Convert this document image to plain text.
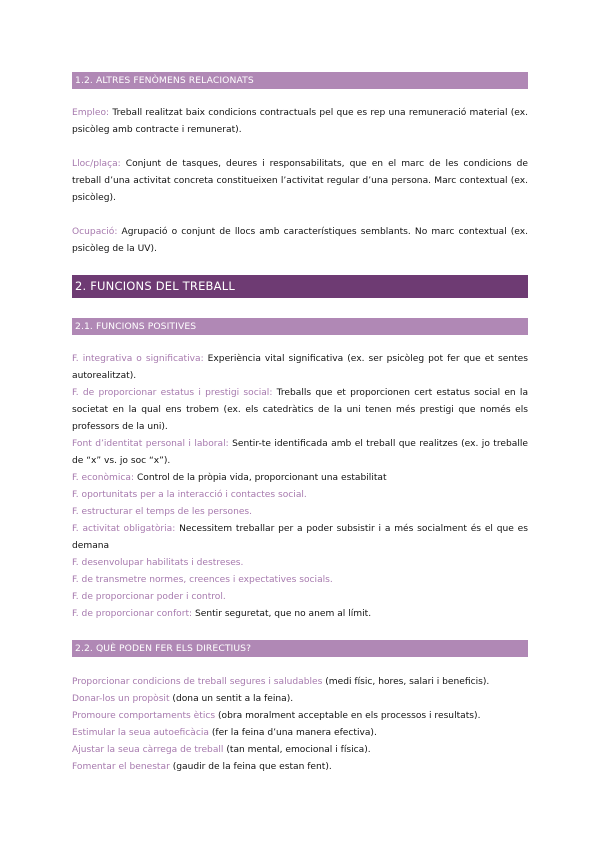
1.2. ALTRES FENÒMENS RELACIONATS

Empleo: Treball realitzat baix condicions contractuals pel que es rep una remuneració material (ex. psicòleg amb contracte i remunerat).

Lloc/plaça: Conjunt de tasques, deures i responsabilitats, que en el marc de les condicions de treball d’una activitat concreta constitueixen l’activitat regular d’una persona. Marc contextual (ex. psicòleg).

Ocupació: Agrupació o conjunt de llocs amb característiques semblants. No marc contextual (ex. psicòleg de la UV).

2. FUNCIONS DEL TREBALL
2.1. FUNCIONS POSITIVES

F. integrativa o significativa: Experiència vital significativa (ex. ser psicòleg pot fer que et sentes autorealitzat).

F. de proporcionar estatus i prestigi social: Treballs que et proporcionen cert estatus social en la societat en la qual ens trobem (ex. els catedràtics de la uni tenen més prestigi que només els professors de la uni).

Font d’identitat personal i laboral: Sentir-te identificada amb el treball que realitzes (ex. jo treballe de “x” vs. jo soc “x”).

F. econòmica: Control de la pròpia vida, proporcionant una estabilitat

F. oportunitats per a la interacció i contactes social.

F. estructurar el temps de les persones.

F. activitat obligatòria: Necessitem treballar per a poder subsistir i a més socialment és el que es demana

F. desenvolupar habilitats i destreses.

F. de transmetre normes, creences i expectatives socials.

F. de proporcionar poder i control.

F. de proporcionar confort: Sentir seguretat, que no anem al límit.

2.2. QUÈ PODEN FER ELS DIRECTIUS?

Proporcionar condicions de treball segures i saludables (medi físic, hores, salari i beneficis).

Donar-los un propòsit (dona un sentit a la feina).

Promoure comportaments ètics (obra moralment acceptable en els processos i resultats).

Estimular la seua autoeficàcia (fer la feina d’una manera efectiva).

Ajustar la seua càrrega de treball (tan mental, emocional i física).

Fomentar el benestar (gaudir de la feina que estan fent).
